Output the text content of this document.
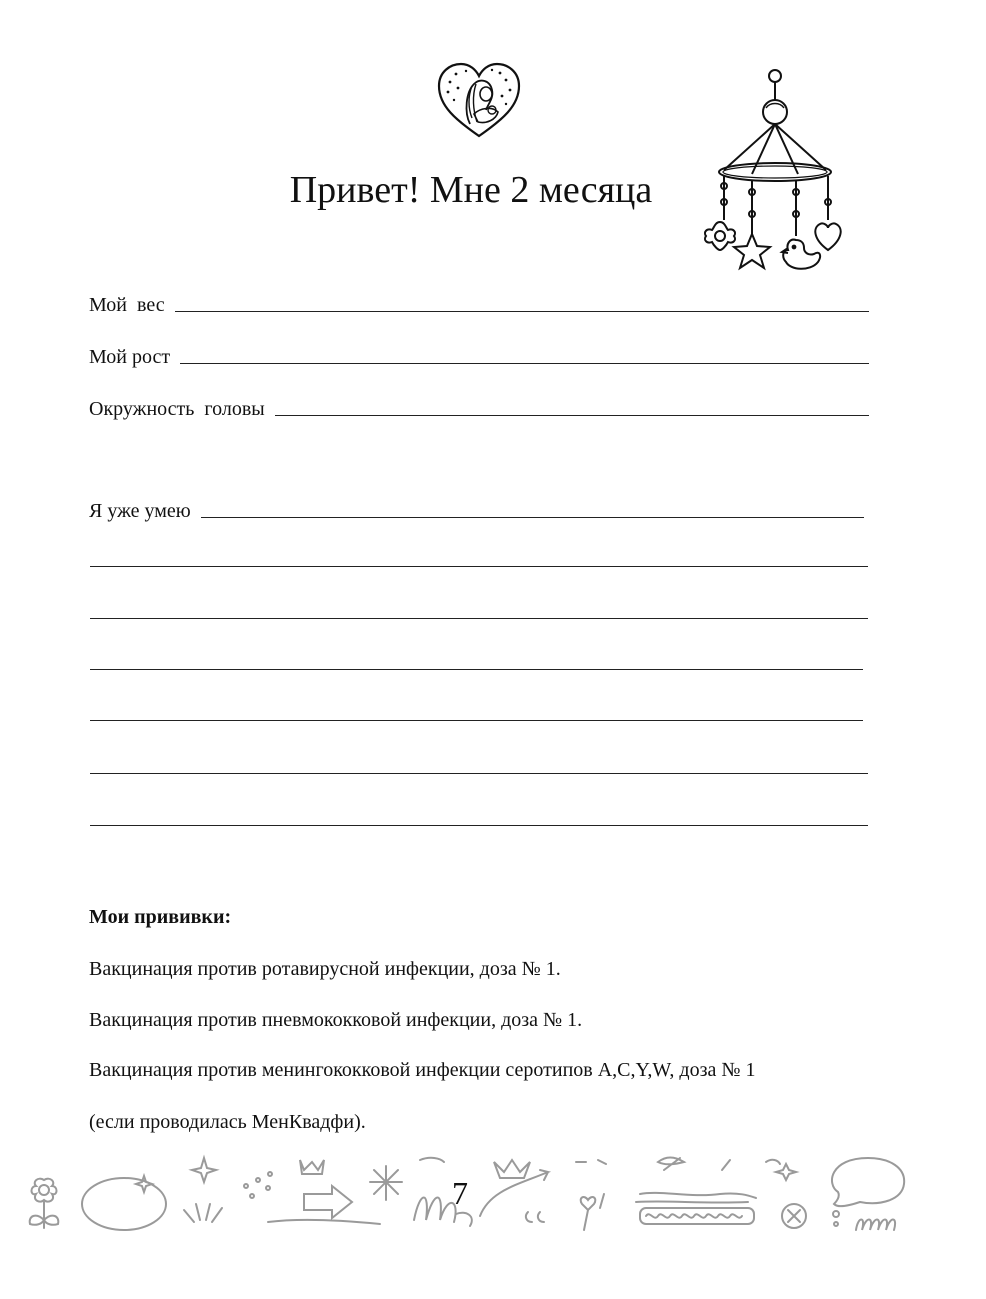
Привет! Мне 2 месяца
Мой  вес
Мой рост
Окружность  головы
Я уже умею
Мои прививки:
Вакцинация против ротавирусной инфекции, доза № 1.
Вакцинация против пневмококковой инфекции, доза № 1.
Вакцинация против менингококковой инфекции серотипов A,C,Y,W, доза № 1
(если проводилась МенКвадфи).
7
